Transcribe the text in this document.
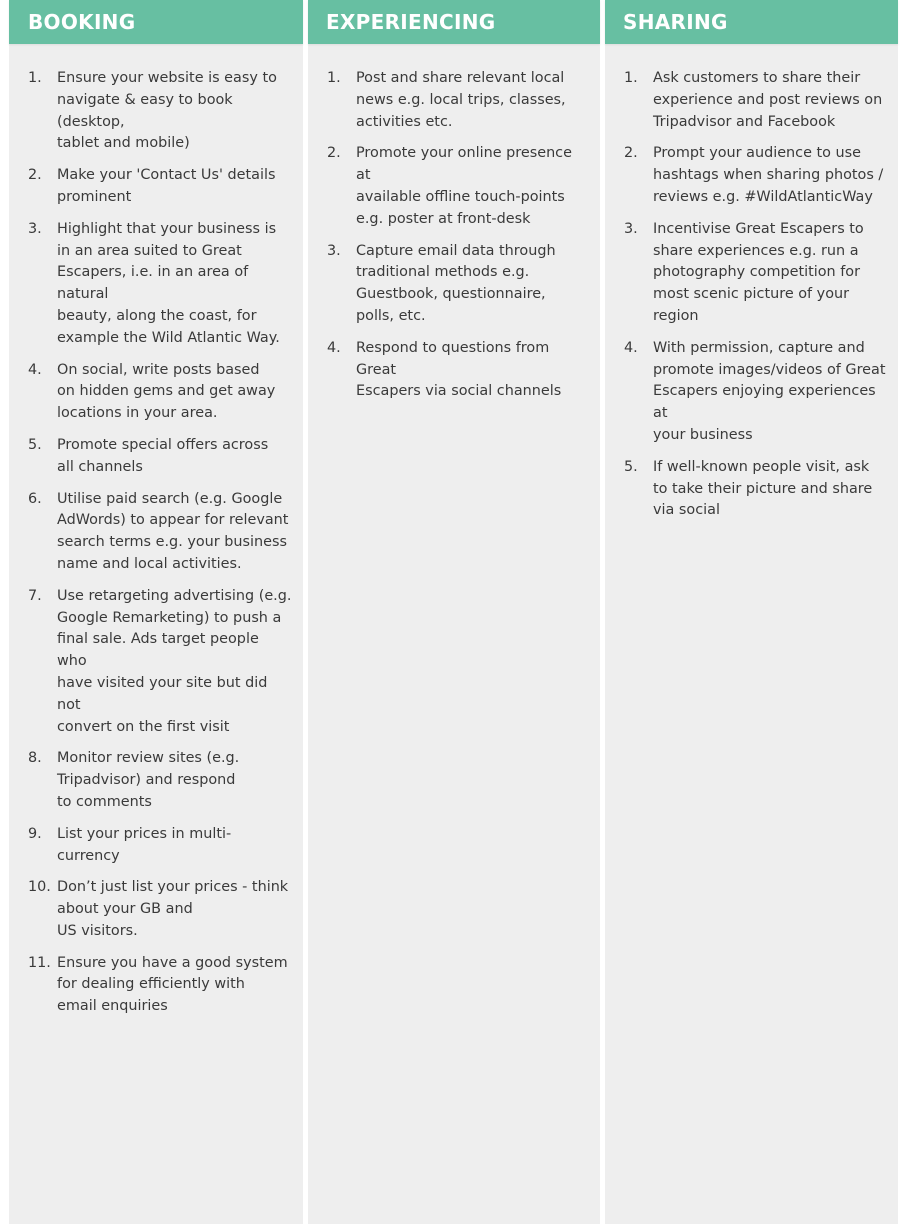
BOOKING
1. Ensure your website is easy to
navigate & easy to book (desktop,
tablet and mobile)
2. Make your 'Contact Us' details
prominent
3. Highlight that your business is
in an area suited to Great
Escapers, i.e. in an area of natural
beauty, along the coast, for
example the Wild Atlantic Way.
4. On social, write posts based
on hidden gems and get away
locations in your area.
5. Promote special offers across
all channels
6. Utilise paid search (e.g. Google
AdWords) to appear for relevant
search terms e.g. your business
name and local activities.
7. Use retargeting advertising (e.g.
Google Remarketing) to push a
final sale. Ads target people who
have visited your site but did not
convert on the first visit
8. Monitor review sites (e.g.
Tripadvisor) and respond
to comments
9. List your prices in multi-currency
10. Don’t just list your prices - think
about your GB and
US visitors.
11. Ensure you have a good system
for dealing efficiently with
email enquiries
EXPERIENCING
1. Post and share relevant local
news e.g. local trips, classes,
activities etc.
2. Promote your online presence at
available offline touch-points
e.g. poster at front-desk
3. Capture email data through
traditional methods e.g.
Guestbook, questionnaire,
polls, etc.
4. Respond to questions from Great
Escapers via social channels
SHARING
1. Ask customers to share their
experience and post reviews on
Tripadvisor and Facebook
2. Prompt your audience to use
hashtags when sharing photos /
reviews e.g. #WildAtlanticWay
3. Incentivise Great Escapers to
share experiences e.g. run a
photography competition for
most scenic picture of your region
4. With permission, capture and
promote images/videos of Great
Escapers enjoying experiences at
your business
5. If well-known people visit, ask
to take their picture and share
via social
